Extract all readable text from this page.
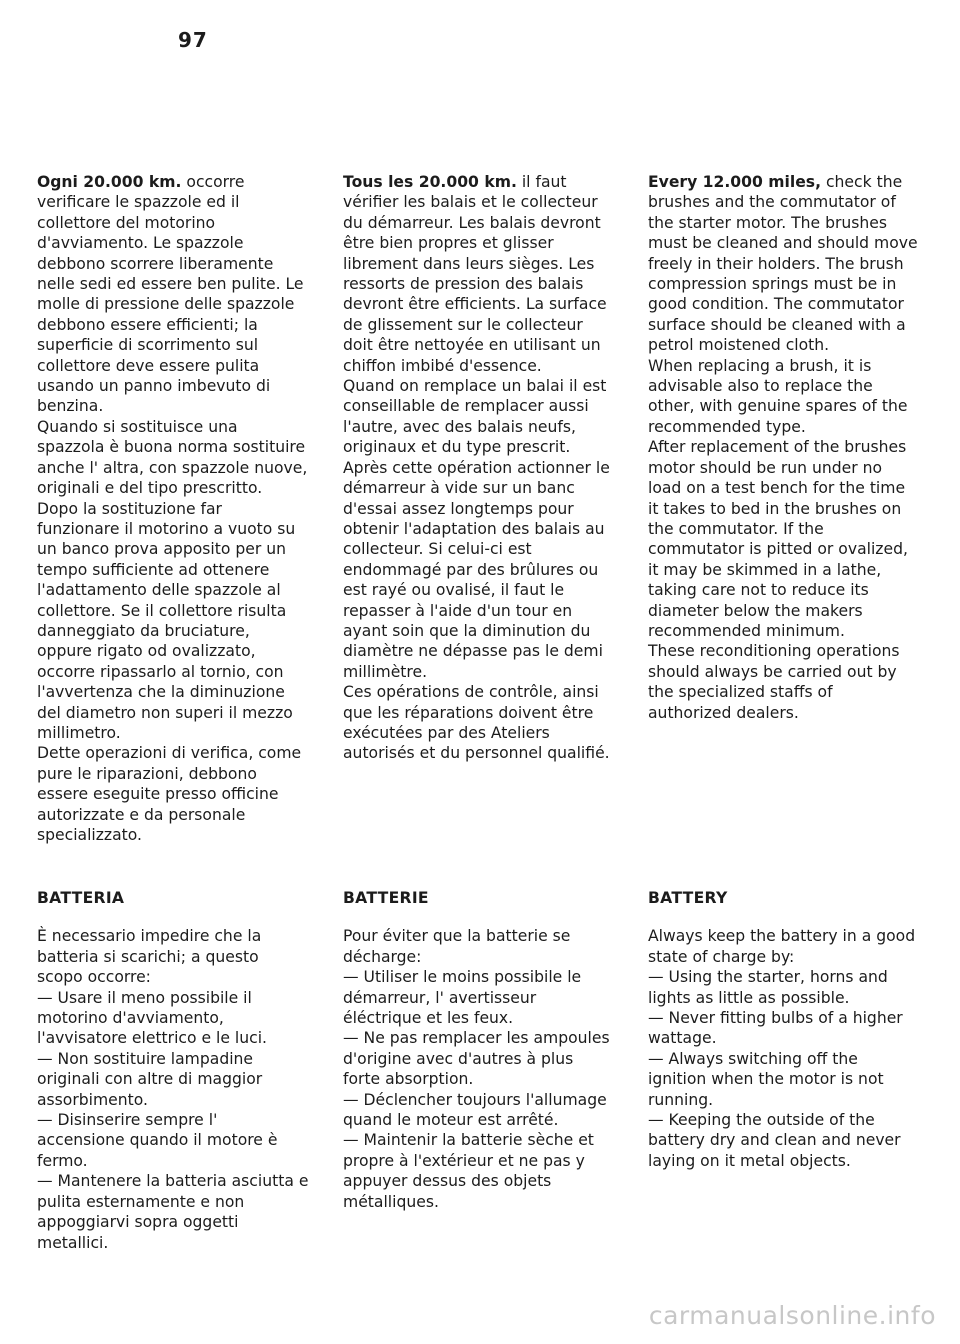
97

Ogni 20.000 km. occorre verificare le spazzole ed il collettore del motorino d'avviamento. Le spazzole debbono scorrere liberamente nelle sedi ed essere ben pulite. Le molle di pressione delle spazzole debbono essere efficienti; la superficie di scorrimento sul collettore deve essere pulita usando un panno imbevuto di benzina.

Quando si sostituisce una spazzola è buona norma sostituire anche l' altra, con spazzole nuove, originali e del tipo prescritto.

Dopo la sostituzione far funzionare il motorino a vuoto su un banco prova apposito per un tempo sufficiente ad ottenere l'adattamento delle spazzole al collettore. Se il collettore risulta danneggiato da bruciature, oppure rigato od ovalizzato, occorre ripassarlo al tornio, con l'avvertenza che la diminuzione del diametro non superi il mezzo millimetro.

Dette operazioni di verifica, come pure le riparazioni, debbono essere eseguite presso officine autorizzate e da personale specializzato.

BATTERIA

È necessario impedire che la batteria si scarichi; a questo scopo occorre:

— Usare il meno possibile il motorino d'avviamento, l'avvisatore elettrico e le luci.

— Non sostituire lampadine originali con altre di maggior assorbimento.

— Disinserire sempre l' accensione quando il motore è fermo.

— Mantenere la batteria asciutta e pulita esternamente e non appoggiarvi sopra oggetti metallici.

Tous les 20.000 km. il faut vérifier les balais et le collecteur du démarreur. Les balais devront être bien propres et glisser librement dans leurs sièges. Les ressorts de pression des balais devront être efficients. La surface de glissement sur le collecteur doit être nettoyée en utilisant un chiffon imbibé d'essence.

Quand on remplace un balai il est conseillable de remplacer aussi l'autre, avec des balais neufs, originaux et du type prescrit.

Après cette opération actionner le démarreur à vide sur un banc d'essai assez longtemps pour obtenir l'adaptation des balais au collecteur. Si celui-ci est endommagé par des brûlures ou est rayé ou ovalisé, il faut le repasser à l'aide d'un tour en ayant soin que la diminution du diamètre ne dépasse pas le demi millimètre.

Ces opérations de contrôle, ainsi que les réparations doivent être exécutées par des Ateliers autorisés et du personnel qualifié.

BATTERIE

Pour éviter que la batterie se décharge:

— Utiliser le moins possibile le démarreur, l' avertisseur éléctrique et les feux.

— Ne pas remplacer les ampoules d'origine avec d'autres à plus forte absorption.

— Déclencher toujours l'allumage quand le moteur est arrêté.

— Maintenir la batterie sèche et propre à l'extérieur et ne pas y appuyer dessus des objets métalliques.

Every 12.000 miles, check the brushes and the commutator of the starter motor. The brushes must be cleaned and should move freely in their holders. The brush compression springs must be in good condition. The commutator surface should be cleaned with a petrol moistened cloth.

When replacing a brush, it is advisable also to replace the other, with genuine spares of the recommended type.

After replacement of the brushes motor should be run under no load on a test bench for the time it takes to bed in the brushes on the commutator. If the commutator is pitted or ovalized, it may be skimmed in a lathe, taking care not to reduce its diameter below the makers recommended minimum.

These reconditioning operations should always be carried out by the specialized staffs of authorized dealers.

BATTERY

Always keep the battery in a good state of charge by:

— Using the starter, horns and lights as little as possible.

— Never fitting bulbs of a higher wattage.

— Always switching off the ignition when the motor is not running.

— Keeping the outside of the battery dry and clean and never laying on it metal objects.

carmanualsonline.info
